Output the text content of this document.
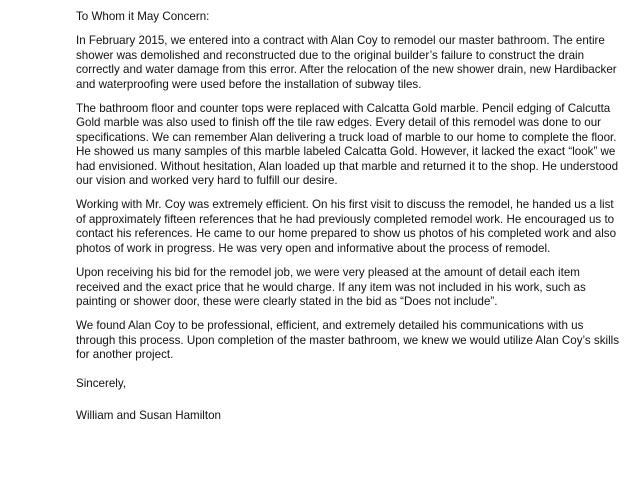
To Whom it May Concern:

In February 2015, we entered into a contract with Alan Coy to remodel our master bathroom. The entire shower was demolished and reconstructed due to the original builder’s failure to construct the drain correctly and water damage from this error. After the relocation of the new shower drain, new Hardibacker and waterproofing were used before the installation of subway tiles.

The bathroom floor and counter tops were replaced with Calcatta Gold marble. Pencil edging of Calcutta Gold marble was also used to finish off the tile raw edges. Every detail of this remodel was done to our specifications. We can remember Alan delivering a truck load of marble to our home to complete the floor. He showed us many samples of this marble labeled Calcatta Gold. However, it lacked the exact “look” we had envisioned. Without hesitation, Alan loaded up that marble and returned it to the shop. He understood our vision and worked very hard to fulfill our desire.

Working with Mr. Coy was extremely efficient. On his first visit to discuss the remodel, he handed us a list of approximately fifteen references that he had previously completed remodel work. He encouraged us to contact his references. He came to our home prepared to show us photos of his completed work and also photos of work in progress. He was very open and informative about the process of remodel.

Upon receiving his bid for the remodel job, we were very pleased at the amount of detail each item received and the exact price that he would charge. If any item was not included in his work, such as painting or shower door, these were clearly stated in the bid as “Does not include”.

We found Alan Coy to be professional, efficient, and extremely detailed his communications with us through this process. Upon completion of the master bathroom, we knew we would utilize Alan Coy’s skills for another project.

Sincerely,

William and Susan Hamilton
